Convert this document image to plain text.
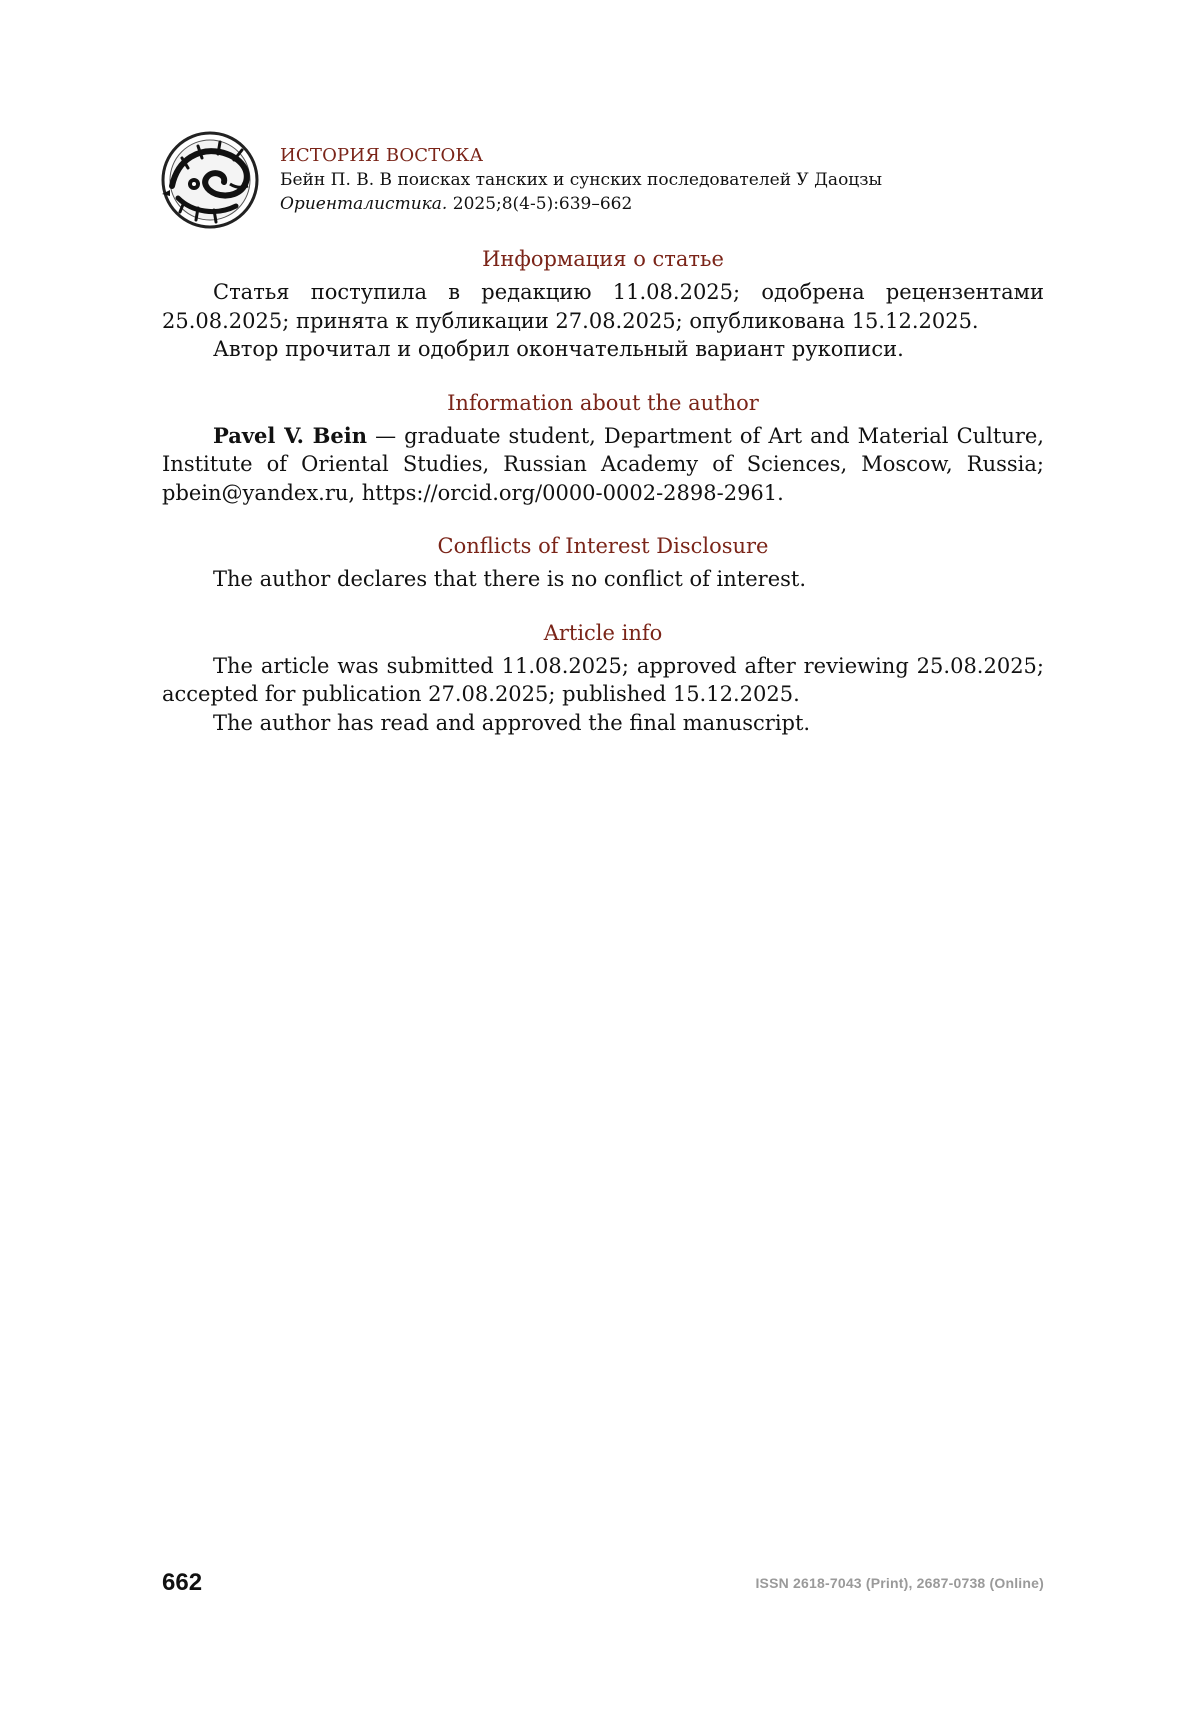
ИСТОРИЯ ВОСТОКА
Бейн П. В. В поисках танских и сунских последователей У Даоцзы
Ориенталистика. 2025;8(4-5):639–662
Информация о статье

Статья поступила в редакцию 11.08.2025; одобрена рецензентами 25.08.2025; принята к публикации 27.08.2025; опубликована 15.12.2025.

Автор прочитал и одобрил окончательный вариант рукописи.

Information about the author

Pavel V. Bein — graduate student, Department of Art and Material Culture, Institute of Oriental Studies, Russian Academy of Sciences, Moscow, Russia; pbein@yandex.ru, https://orcid.org/0000-0002-2898-2961.

Conflicts of Interest Disclosure

The author declares that there is no conflict of interest.

Article info

The article was submitted 11.08.2025; approved after reviewing 25.08.2025; accepted for publication 27.08.2025; published 15.12.2025.

The author has read and approved the final manuscript.

662	ISSN 2618-7043 (Print), 2687-0738 (Online)
